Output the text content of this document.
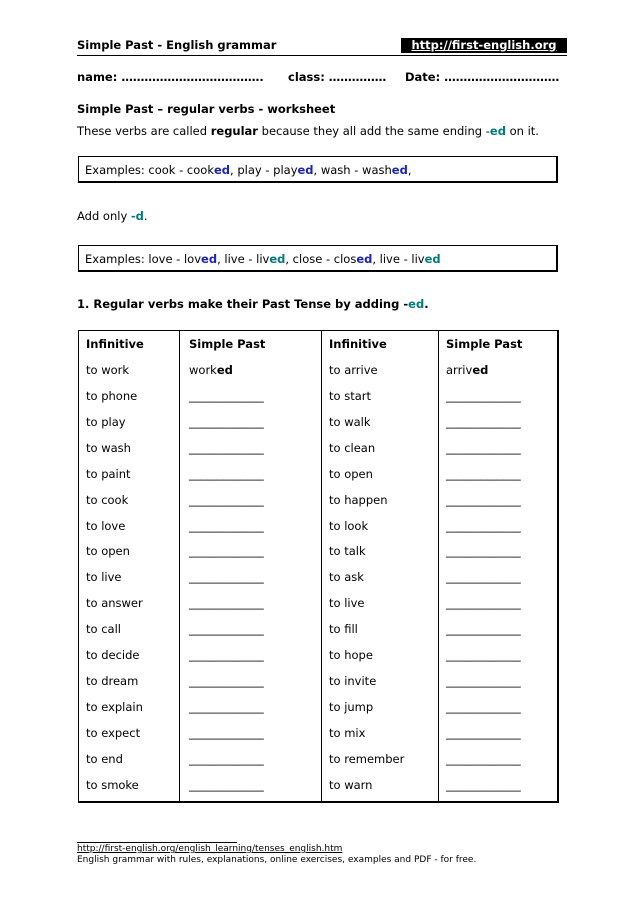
Simple Past - English grammar	http://first-english.org
name: ………………………………. class: …………… Date: …………………………
Simple Past – regular verbs - worksheet
These verbs are called regular because they all add the same ending -ed on it.
Examples: cook - cooked, play - played, wash - washed,
Add only -d.
Examples: love - loved, live - lived, close - closed, live - lived
1. Regular verbs make their Past Tense by adding -ed.
Infinitive	Simple Past	Infinitive	Simple Past
to work	worked	to arrive	arrived
to phone	_____________	to start	_____________
to play	_____________	to walk	_____________
to wash	_____________	to clean	_____________
to paint	_____________	to open	_____________
to cook	_____________	to happen	_____________
to love	_____________	to look	_____________
to open	_____________	to talk	_____________
to live	_____________	to ask	_____________
to answer	_____________	to live	_____________
to call	_____________	to fill	_____________
to decide	_____________	to hope	_____________
to dream	_____________	to invite	_____________
to explain	_____________	to jump	_____________
to expect	_____________	to mix	_____________
to end	_____________	to remember	_____________
to smoke	_____________	to warn	_____________
http://first-english.org/english_learning/tenses_english.htm
English grammar with rules, explanations, online exercises, examples and PDF - for free.
